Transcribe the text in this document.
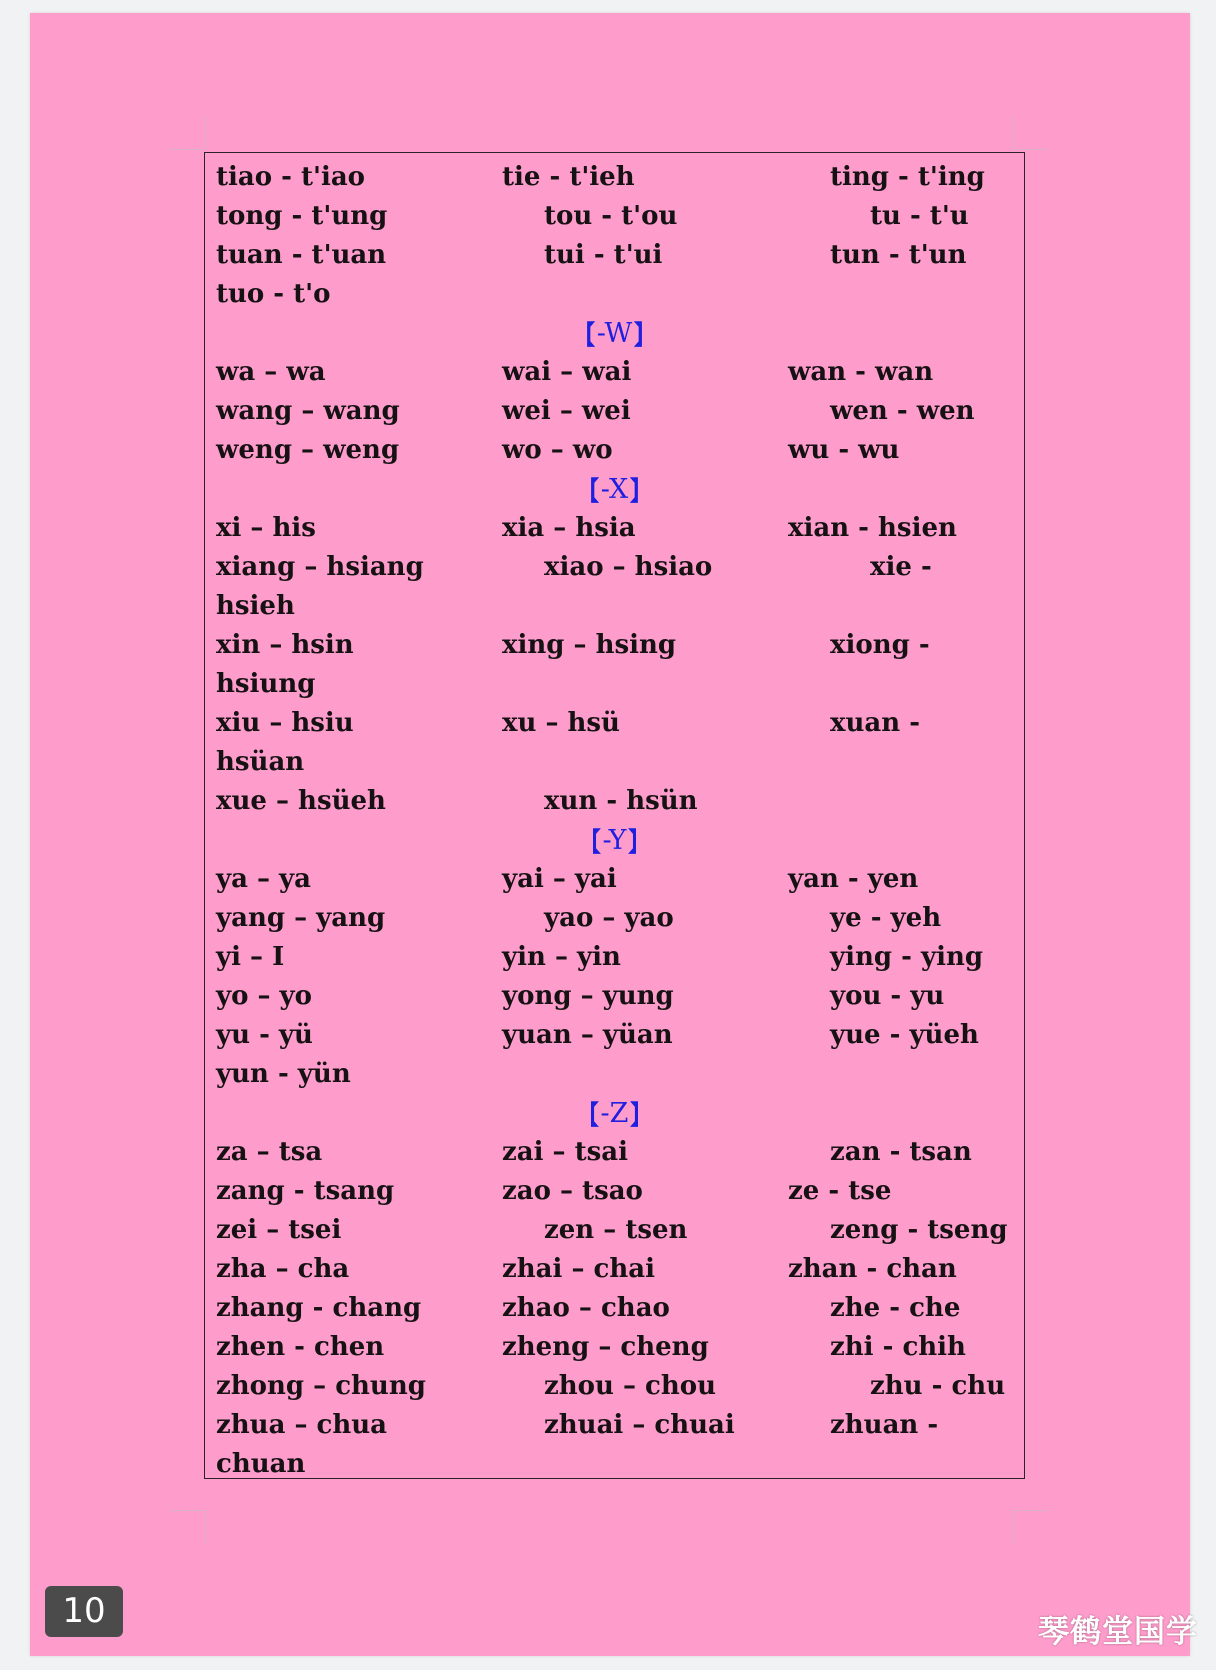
tiao - t'iao	tie - t'ieh	ting - t'ing
tong - t'ung	tou - t'ou	tu - t'u
tuan - t'uan	tui - t'ui	tun - t'un
tuo - t'o
-W
wa – wa	wai – wai	wan - wan
wang – wang	wei – wei	wen - wen
weng – weng	wo – wo	wu - wu
-X
xi – his	xia – hsia	xian - hsien
xiang – hsiang	xiao – hsiao	xie -
hsieh
xin – hsin	xing – hsing	xiong -
hsiung
xiu – hsiu	xu – hsü	xuan -
hsüan
xue – hsüeh	xun - hsün
-Y
ya – ya	yai – yai	yan - yen
yang – yang	yao – yao	ye - yeh
yi – I	yin – yin	ying - ying
yo – yo	yong – yung	you - yu
yu - yü	yuan – yüan	yue - yüeh
yun - yün
-Z
za – tsa	zai – tsai	zan - tsan
zang - tsang	zao – tsao	ze - tse
zei – tsei	zen – tsen	zeng - tseng
zha – cha	zhai – chai	zhan - chan
zhang - chang	zhao – chao	zhe - che
zhen - chen	zheng – cheng	zhi - chih
zhong – chung	zhou – chou	zhu - chu
zhua – chua	zhuai – chuai	zhuan -
chuan
10
琴鹤堂国学
